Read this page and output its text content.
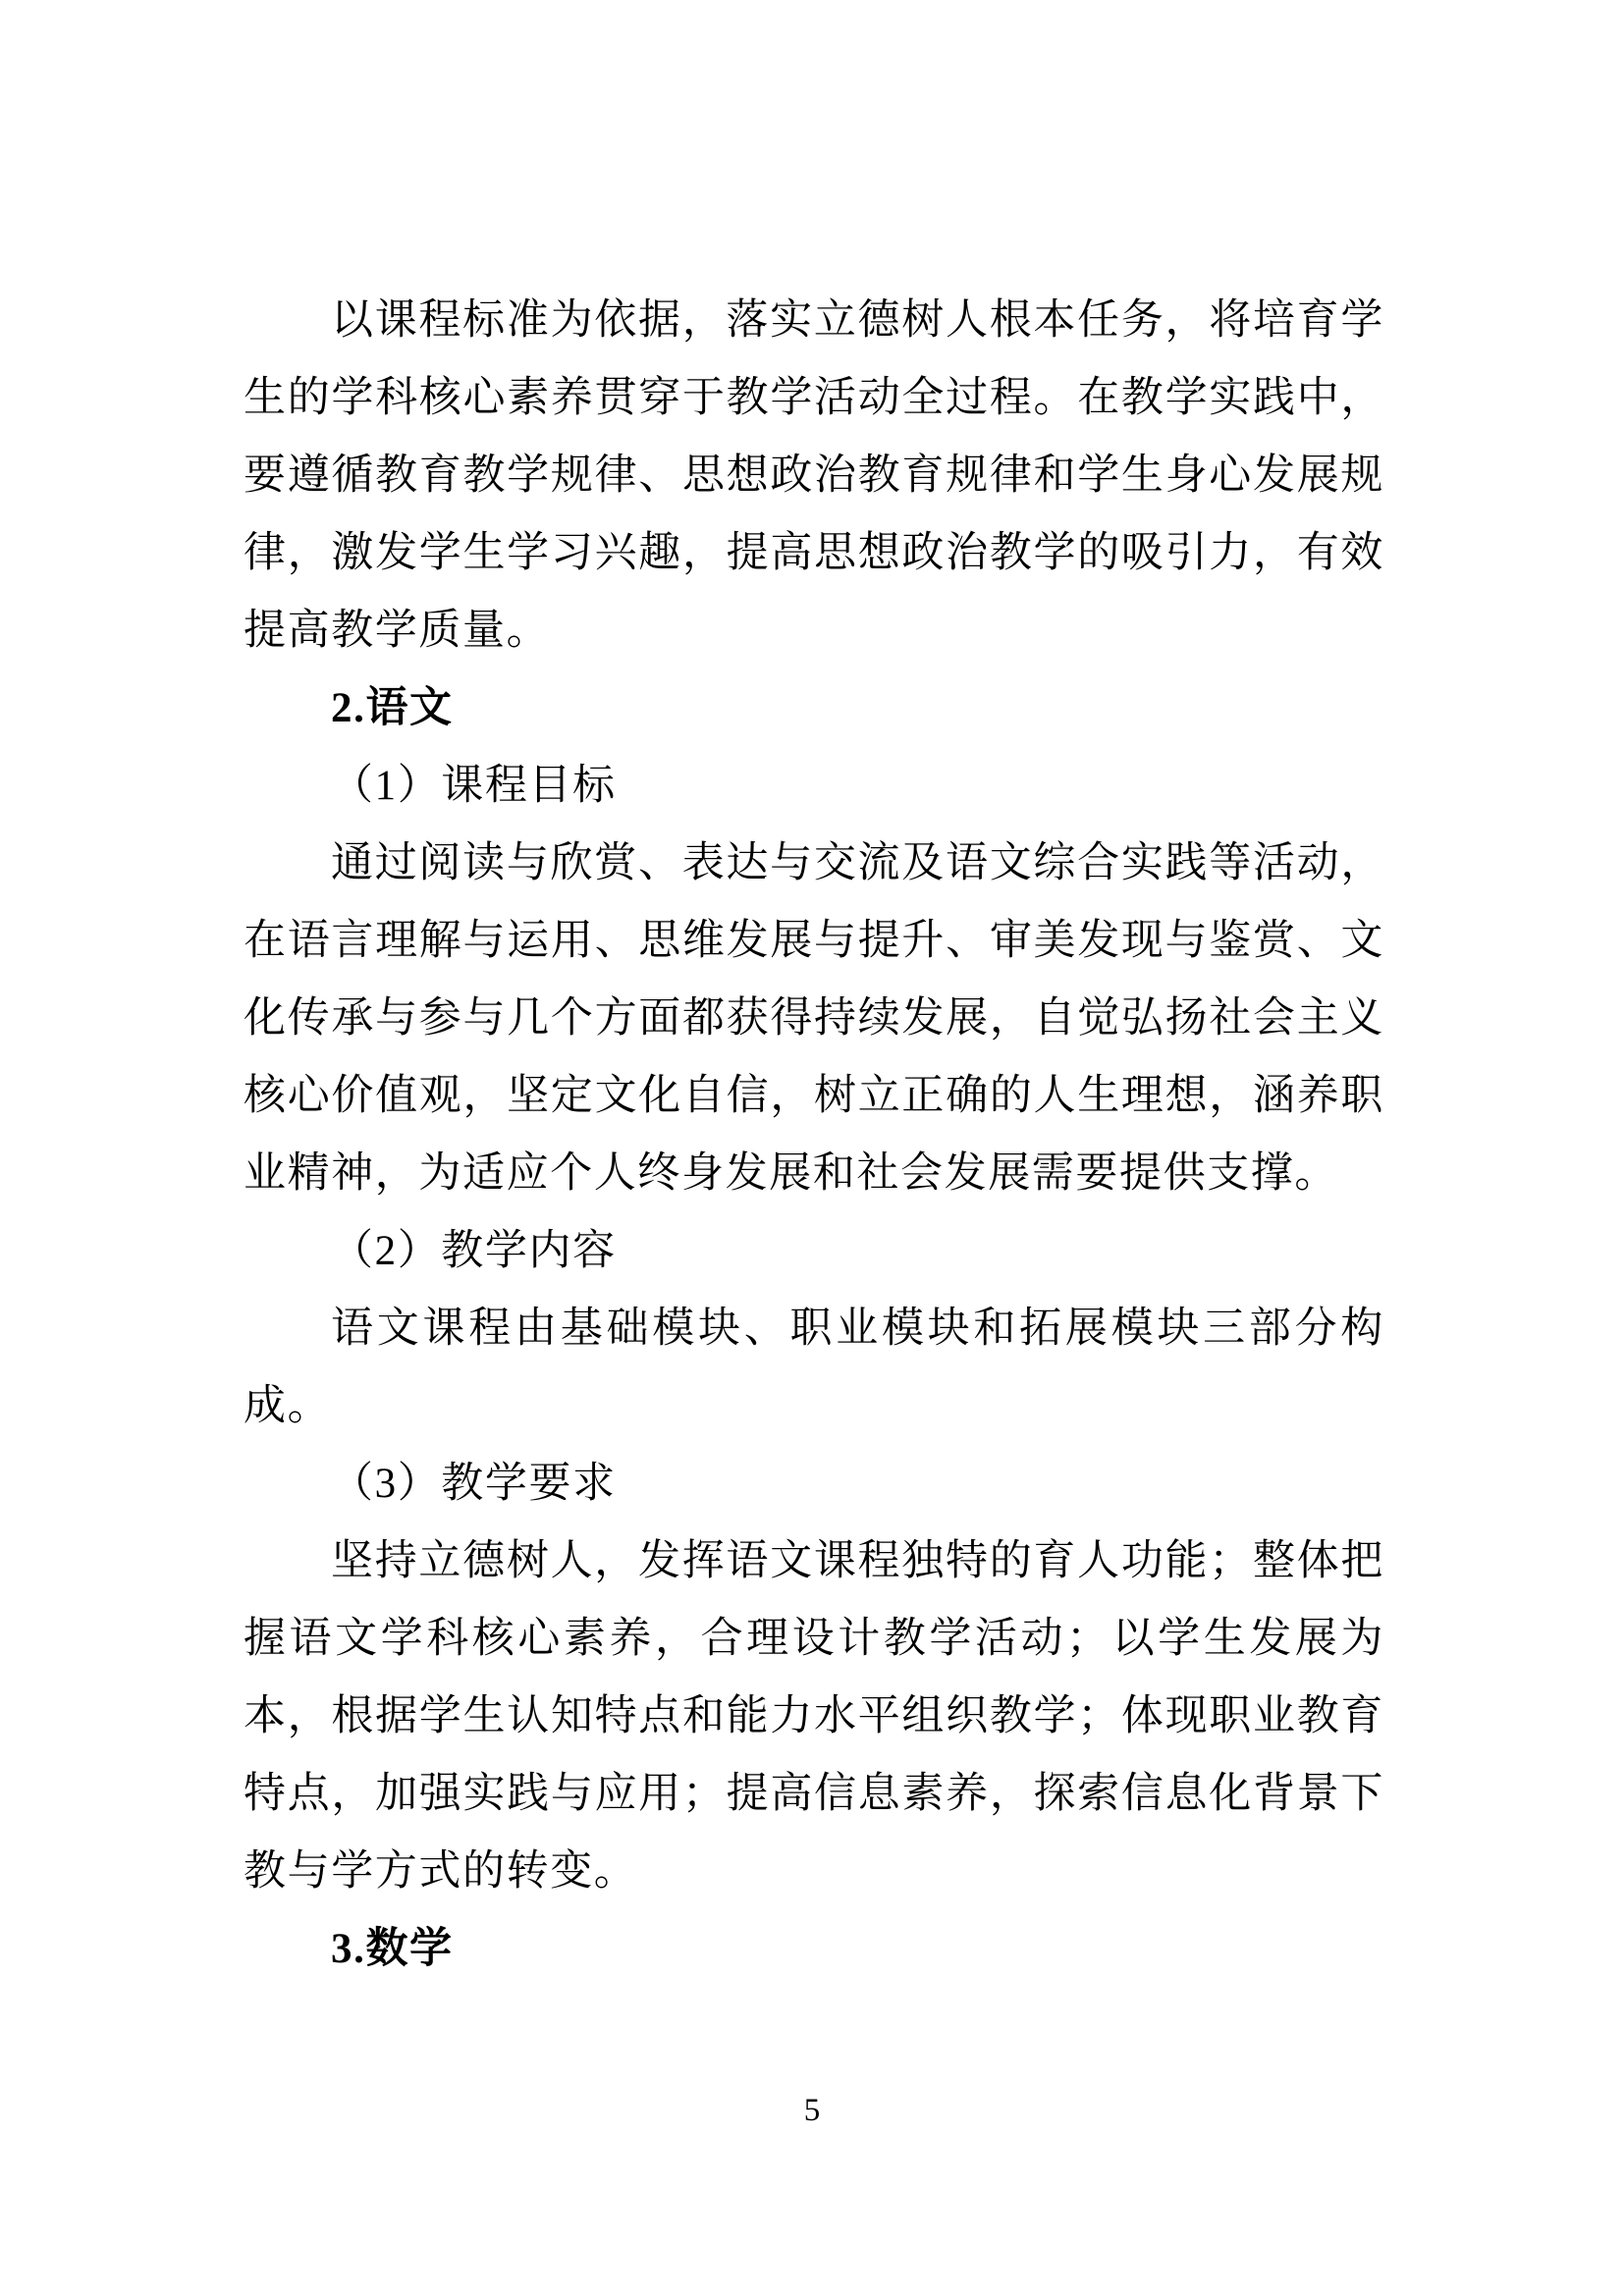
以课程标准为依据，落实立德树人根本任务，将培育学生的学科核心素养贯穿于教学活动全过程。在教学实践中，要遵循教育教学规律、思想政治教育规律和学生身心发展规律，激发学生学习兴趣，提高思想政治教学的吸引力，有效提高教学质量。

2.语文

（1）课程目标

通过阅读与欣赏、表达与交流及语文综合实践等活动，在语言理解与运用、思维发展与提升、审美发现与鉴赏、文化传承与参与几个方面都获得持续发展，自觉弘扬社会主义核心价值观，坚定文化自信，树立正确的人生理想，涵养职业精神，为适应个人终身发展和社会发展需要提供支撑。

（2）教学内容

语文课程由基础模块、职业模块和拓展模块三部分构成。

（3）教学要求

坚持立德树人，发挥语文课程独特的育人功能；整体把握语文学科核心素养，合理设计教学活动；以学生发展为本，根据学生认知特点和能力水平组织教学；体现职业教育特点，加强实践与应用；提高信息素养，探索信息化背景下教与学方式的转变。

3.数学

5
